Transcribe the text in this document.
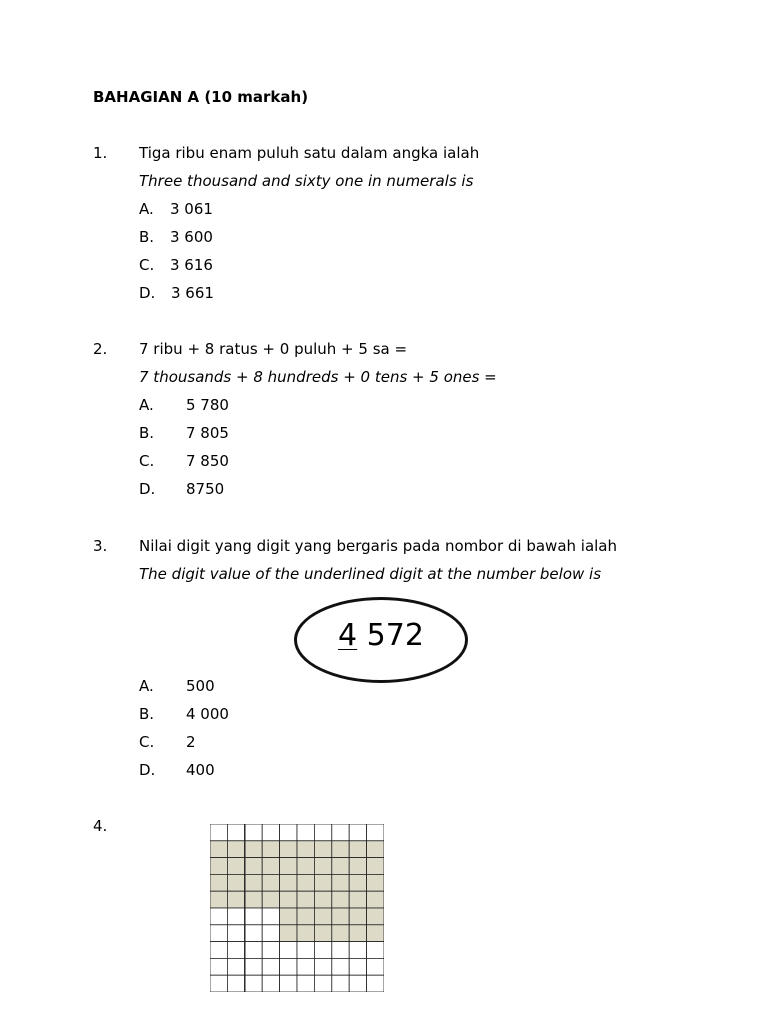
BAHAGIAN A (10 markah)
1. Tiga ribu enam puluh satu dalam angka ialah
Three thousand and sixty one in numerals is
A. 3 061
B. 3 600
C. 3 616
D. 3 661
2. 7 ribu + 8 ratus + 0 puluh + 5 sa =
7 thousands + 8 hundreds + 0 tens + 5 ones =
A. 5 780
B. 7 805
C. 7 850
D. 8750
3. Nilai digit yang digit yang bergaris pada nombor di bawah ialah
The digit value of the underlined digit at the number below is
4 572
A. 500
B. 4 000
C. 2
D. 400
4.
